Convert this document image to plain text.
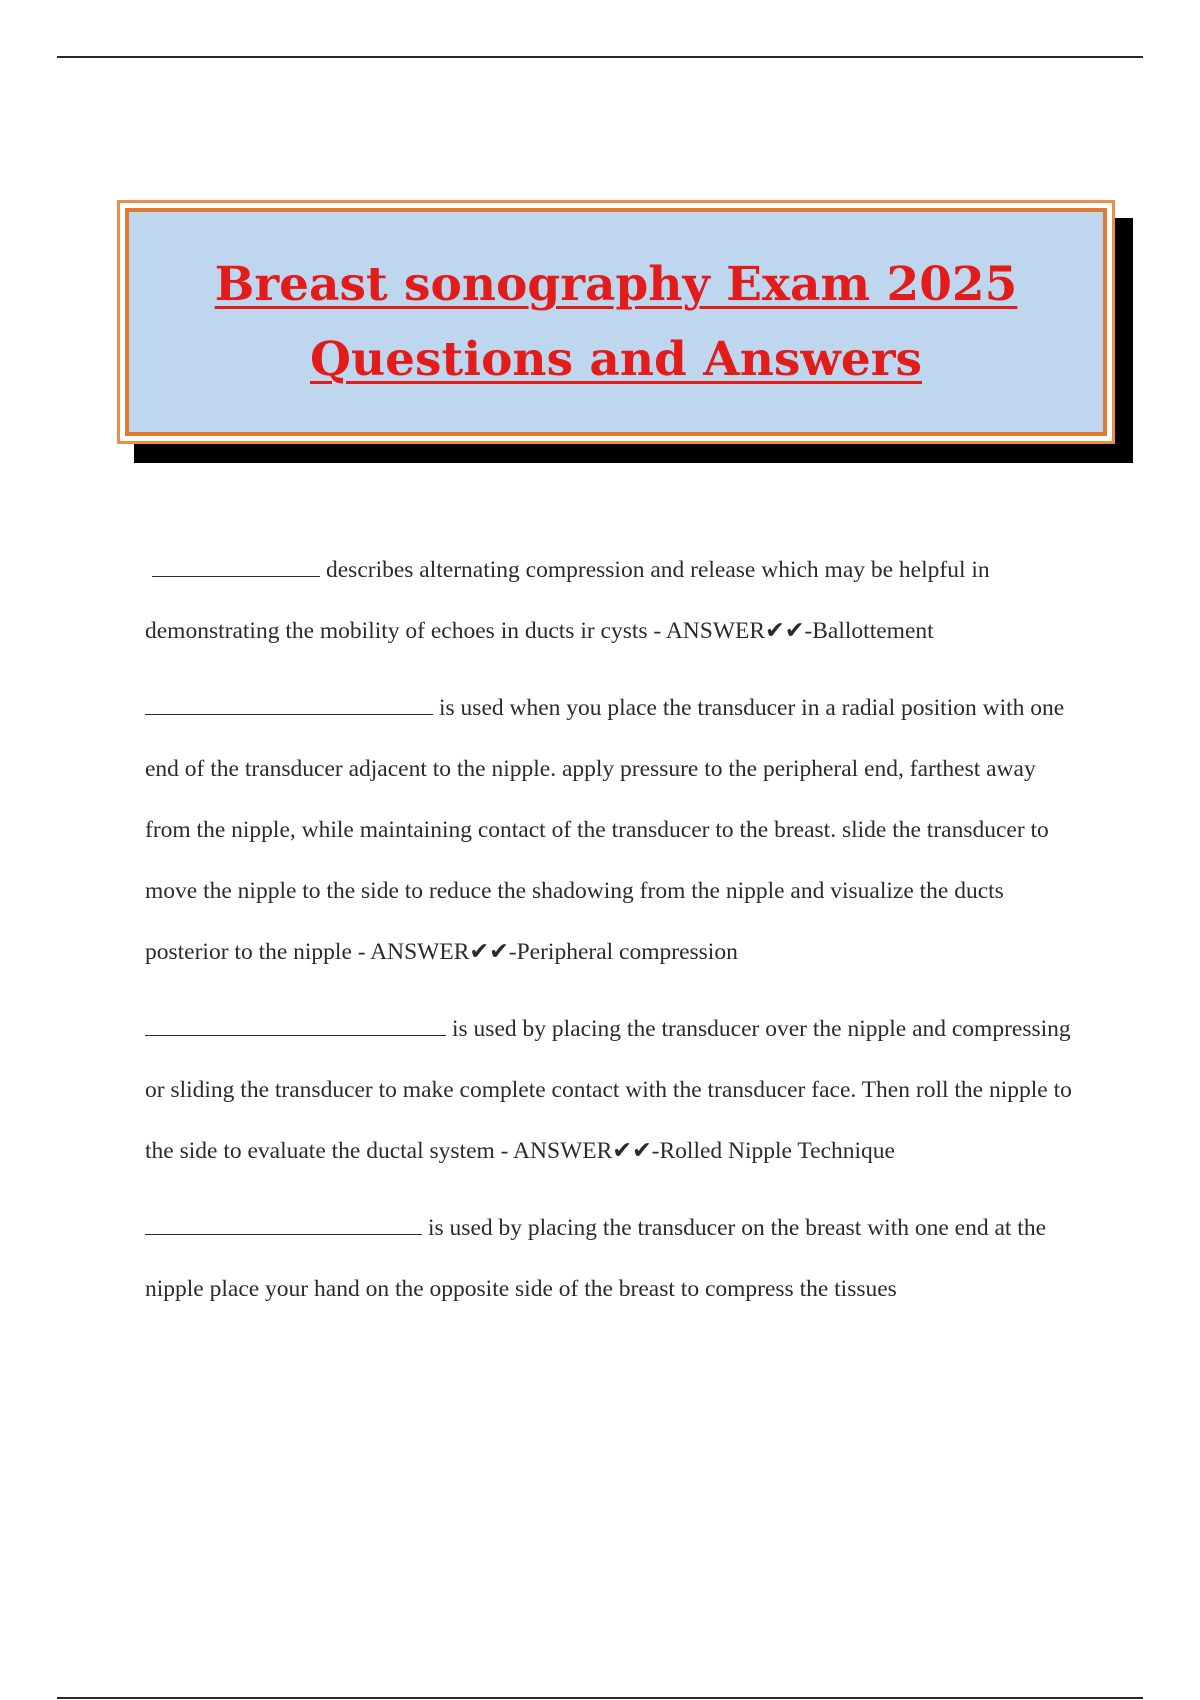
Breast sonography Exam 2025
Questions and Answers

describes alternating compression and release which may be helpful in demonstrating the mobility of echoes in ducts ir cysts - ANSWER✔✔-Ballottement

is used when you place the transducer in a radial position with one end of the transducer adjacent to the nipple. apply pressure to the peripheral end, farthest away from the nipple, while maintaining contact of the transducer to the breast. slide the transducer to move the nipple to the side to reduce the shadowing from the nipple and visualize the ducts posterior to the nipple - ANSWER✔✔-Peripheral compression

is used by placing the transducer over the nipple and compressing or sliding the transducer to make complete contact with the transducer face. Then roll the nipple to the side to evaluate the ductal system - ANSWER✔✔-Rolled Nipple Technique

is used by placing the transducer on the breast with one end at the nipple place your hand on the opposite side of the breast to compress the tissues
